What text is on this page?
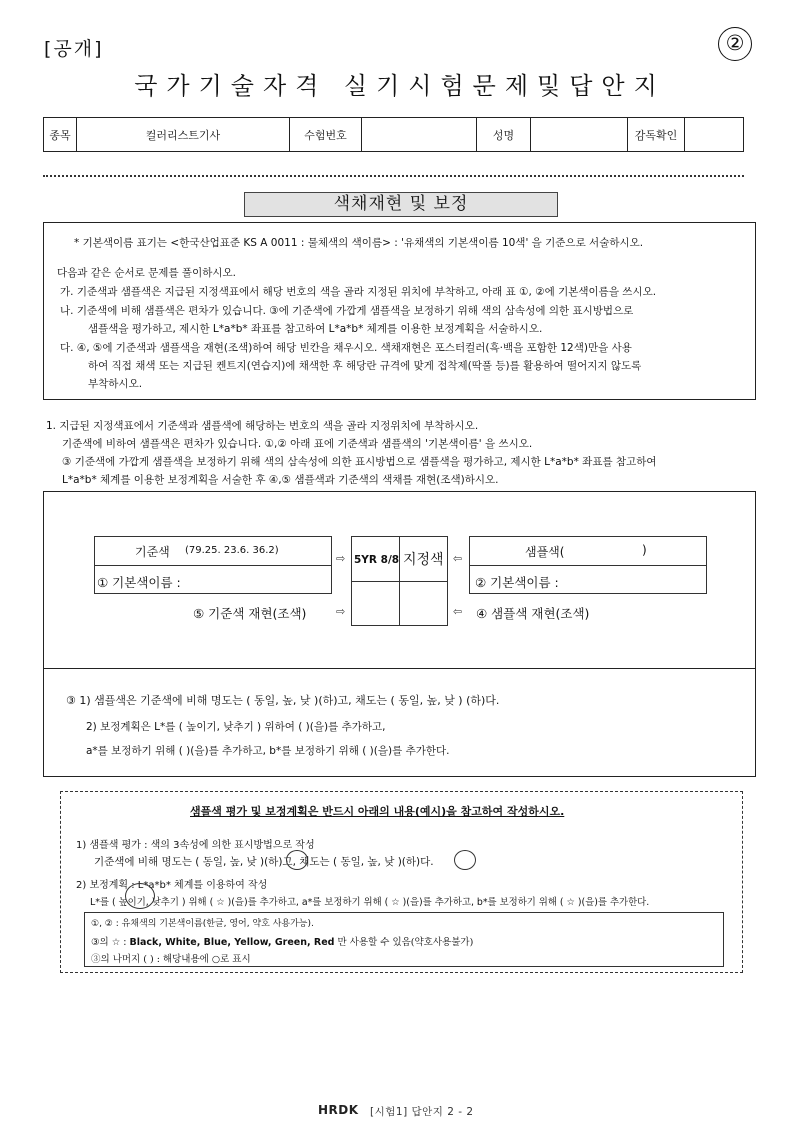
[공개]	②
국가기술자격 실기시험문제및답안지
종목	컬러리스트기사	수험번호		성명		감독확인	
색채재현 및 보정
* 기본색이름 표기는 <한국산업표준 KS A 0011 : 물체색의 색이름> : '유채색의 기본색이름 10색' 을 기준으로 서술하시오.
다음과 같은 순서로 문제를 풀이하시오.
가. 기준색과 샘플색은 지급된 지정색표에서 해당 번호의 색을 골라 지정된 위치에 부착하고, 아래 표 ①, ②에 기본색이름을 쓰시오.
나. 기준색에 비해 샘플색은 편차가 있습니다. ③에 기준색에 가깝게 샘플색을 보정하기 위해 색의 삼속성에 의한 표시방법으로
샘플색을 평가하고, 제시한 L*a*b* 좌표를 참고하여 L*a*b* 체계를 이용한 보정계획을 서술하시오.
다. ④, ⑤에 기준색과 샘플색을 재현(조색)하여 해당 빈칸을 채우시오. 색채재현은 포스터컬러(흑·백을 포함한 12색)만을 사용
하여 직접 채색 또는 지급된 켄트지(연습지)에 채색한 후 해당란 규격에 맞게 접착제(딱풀 등)를 활용하여 떨어지지 않도록
부착하시오.
1. 지급된 지정색표에서 기준색과 샘플색에 해당하는 번호의 색을 골라 지정위치에 부착하시오.
기준색에 비하여 샘플색은 편차가 있습니다. ①,② 아래 표에 기준색과 샘플색의 '기본색이름' 을 쓰시오.
③ 기준색에 가깝게 샘플색을 보정하기 위해 색의 삼속성에 의한 표시방법으로 샘플색을 평가하고, 제시한 L*a*b* 좌표를 참고하여
L*a*b* 체계를 이용한 보정계획을 서술한 후 ④,⑤ 샘플색과 기준색의 색채를 재현(조색)하시오.
기준색 (79.25. 23.6. 36.2)
① 기본색이름 :
5YR 8/8 지정색
⇨	⇦
⇨	⇦
샘플색(	)
② 기본색이름 :
⑤ 기준색 재현(조색)	④ 샘플색 재현(조색)
③ 1) 샘플색은 기준색에 비해 명도는 ( 동일, 높, 낮 )(하)고, 채도는 ( 동일, 높, 낮 ) (하)다.
2) 보정계획은 L*를 ( 높이기, 낮추기 ) 위하여 ( )(을)를 추가하고,
a*를 보정하기 위해 ( )(을)를 추가하고, b*를 보정하기 위해 ( )(을)를 추가한다.
샘플색 평가 및 보정계획은 반드시 아래의 내용(예시)을 참고하여 작성하시오.
1) 샘플색 평가 : 색의 3속성에 의한 표시방법으로 작성
기준색에 비해 명도는 ( 동일, 높, 낮 )(하)고, 채도는 ( 동일, 높, 낮 )(하)다.
2) 보정계획 : L*a*b* 체계를 이용하여 작성
L*를 ( 높이기, 낮추기 ) 위해 ( ☆ )(을)를 추가하고, a*를 보정하기 위해 ( ☆ )(을)를 추가하고, b*를 보정하기 위해 ( ☆ )(을)를 추가한다.
①, ② : 유채색의 기본색이름(한글, 영어, 약호 사용가능).
③의 ☆ : Black, White, Blue, Yellow, Green, Red 만 사용할 수 있음(약호사용불가)
③의 나머지 ( ) : 해당내용에 ○로 표시
HRDK [시험1] 답안지 2 - 2
